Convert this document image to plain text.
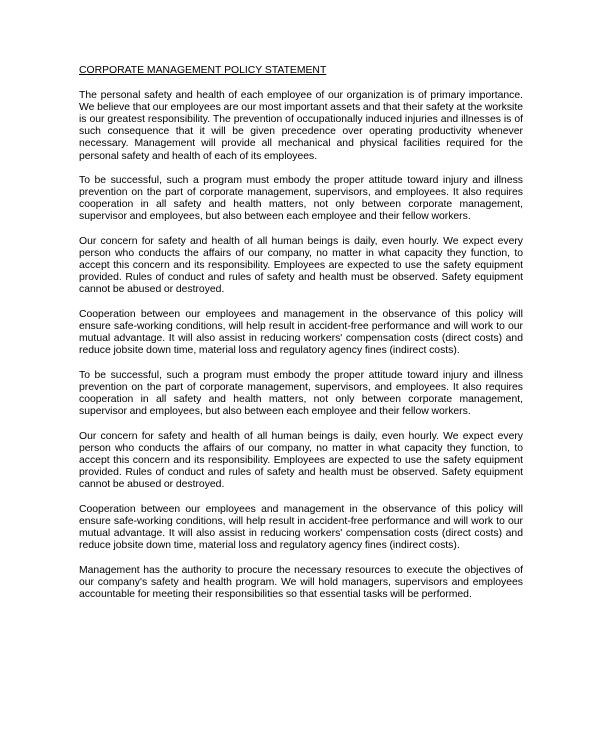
CORPORATE MANAGEMENT POLICY STATEMENT

The personal safety and health of each employee of our organization is of primary importance. We believe that our employees are our most important assets and that their safety at the worksite is our greatest responsibility. The prevention of occupationally induced injuries and illnesses is of such consequence that it will be given precedence over operating productivity whenever necessary. Management will provide all mechanical and physical facilities required for the personal safety and health of each of its employees.

To be successful, such a program must embody the proper attitude toward injury and illness prevention on the part of corporate management, supervisors, and employees. It also requires cooperation in all safety and health matters, not only between corporate management, supervisor and employees, but also between each employee and their fellow workers.

Our concern for safety and health of all human beings is daily, even hourly. We expect every person who conducts the affairs of our company, no matter in what capacity they function, to accept this concern and its responsibility. Employees are expected to use the safety equipment provided. Rules of conduct and rules of safety and health must be observed. Safety equipment cannot be abused or destroyed.

Cooperation between our employees and management in the observance of this policy will ensure safe-working conditions, will help result in accident-free performance and will work to our mutual advantage. It will also assist in reducing workers' compensation costs (direct costs) and reduce jobsite down time, material loss and regulatory agency fines (indirect costs).

To be successful, such a program must embody the proper attitude toward injury and illness prevention on the part of corporate management, supervisors, and employees. It also requires cooperation in all safety and health matters, not only between corporate management, supervisor and employees, but also between each employee and their fellow workers.

Our concern for safety and health of all human beings is daily, even hourly. We expect every person who conducts the affairs of our company, no matter in what capacity they function, to accept this concern and its responsibility. Employees are expected to use the safety equipment provided. Rules of conduct and rules of safety and health must be observed. Safety equipment cannot be abused or destroyed.

Cooperation between our employees and management in the observance of this policy will ensure safe-working conditions, will help result in accident-free performance and will work to our mutual advantage. It will also assist in reducing workers' compensation costs (direct costs) and reduce jobsite down time, material loss and regulatory agency fines (indirect costs).

Management has the authority to procure the necessary resources to execute the objectives of our company's safety and health program. We will hold managers, supervisors and employees accountable for meeting their responsibilities so that essential tasks will be performed.
